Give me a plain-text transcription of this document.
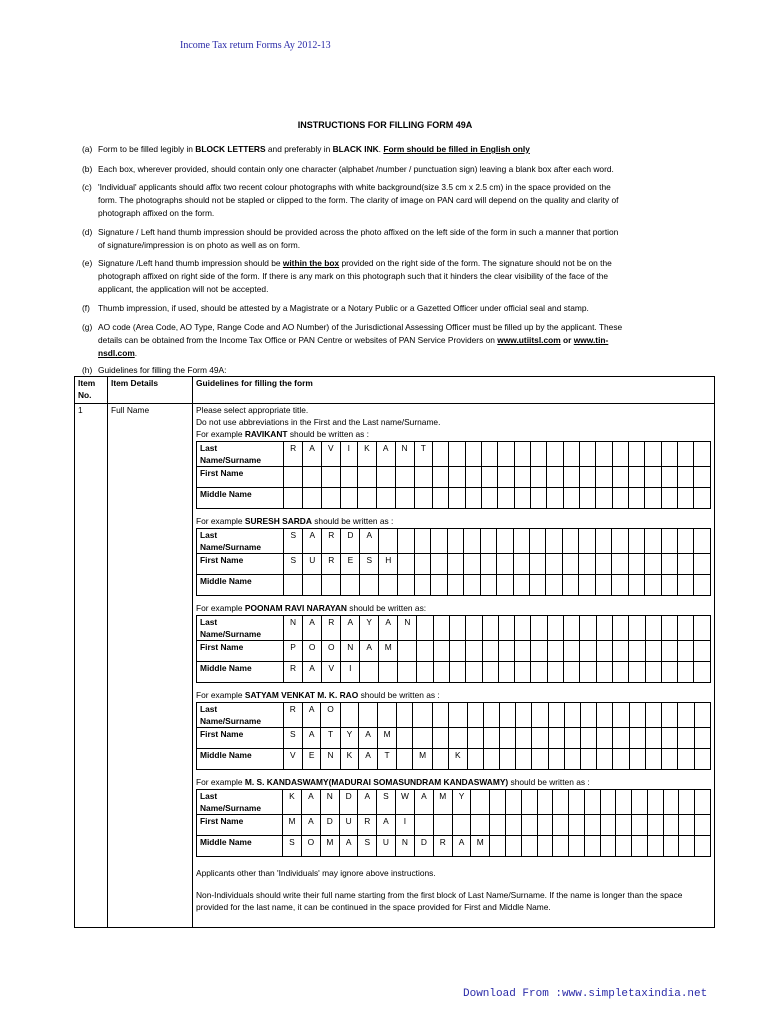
Income Tax return Forms Ay 2012-13
INSTRUCTIONS FOR FILLING FORM 49A
(a) Form to be filled legibly in BLOCK LETTERS and preferably in BLACK INK. Form should be filled in English only
(b) Each box, wherever provided, should contain only one character (alphabet /number / punctuation sign) leaving a blank box after each word.
(c) 'Individual' applicants should affix two recent colour photographs with white background(size 3.5 cm x 2.5 cm) in the space provided on the
form. The photographs should not be stapled or clipped to the form. The clarity of image on PAN card will depend on the quality and clarity of
photograph affixed on the form.
(d) Signature / Left hand thumb impression should be provided across the photo affixed on the left side of the form in such a manner that portion
of signature/impression is on photo as well as on form.
(e) Signature /Left hand thumb impression should be within the box provided on the right side of the form. The signature should not be on the
photograph affixed on right side of the form. If there is any mark on this photograph such that it hinders the clear visibility of the face of the
applicant, the application will not be accepted.
(f) Thumb impression, if used, should be attested by a Magistrate or a Notary Public or a Gazetted Officer under official seal and stamp.
(g) AO code (Area Code, AO Type, Range Code and AO Number) of the Jurisdictional Assessing Officer must be filled up by the applicant. These
details can be obtained from the Income Tax Office or PAN Centre or websites of PAN Service Providers on www.utiitsl.com or www.tin-
nsdl.com.
(h) Guidelines for filling the Form 49A:
Item No.	Item Details	Guidelines for filling the form
1	Full Name	Please select appropriate title.
Do not use abbreviations in the First and the Last name/Surname.
For example RAVIKANT should be written as :
Last Name/Surname	R	A	V	I	K	A	N	T																	
First Name																									
Middle Name																									
For example SURESH SARDA should be written as :
Last Name/Surname	S	A	R	D	A																				
First Name	S	U	R	E	S	H																			
Middle Name																									
For example POONAM RAVI NARAYAN should be written as:
Last Name/Surname	N	A	R	A	Y	A	N																		
First Name	P	O	O	N	A	M																			
Middle Name	R	A	V	I																					
For example SATYAM VENKAT M. K. RAO should be written as :
Last Name/Surname	R	A	O																						
First Name	S	A	T	Y	A	M																			
Middle Name	V	E	N	K	A	T		M		K															
For example M. S. KANDASWAMY(MADURAI SOMASUNDRAM KANDASWAMY) should be written as :
Last Name/Surname	K	A	N	D	A	S	W	A	M	Y															
First Name	M	A	D	U	R	A	I																		
Middle Name	S	O	M	A	S	U	N	D	R	A	M														
Applicants other than 'Individuals' may ignore above instructions.
Non-Individuals should write their full name starting from the first block of Last Name/Surname. If the name is longer than the space provided for the last name, it can be continued in the space provided for First and Middle Name.
Download From :www.simpletaxindia.net
